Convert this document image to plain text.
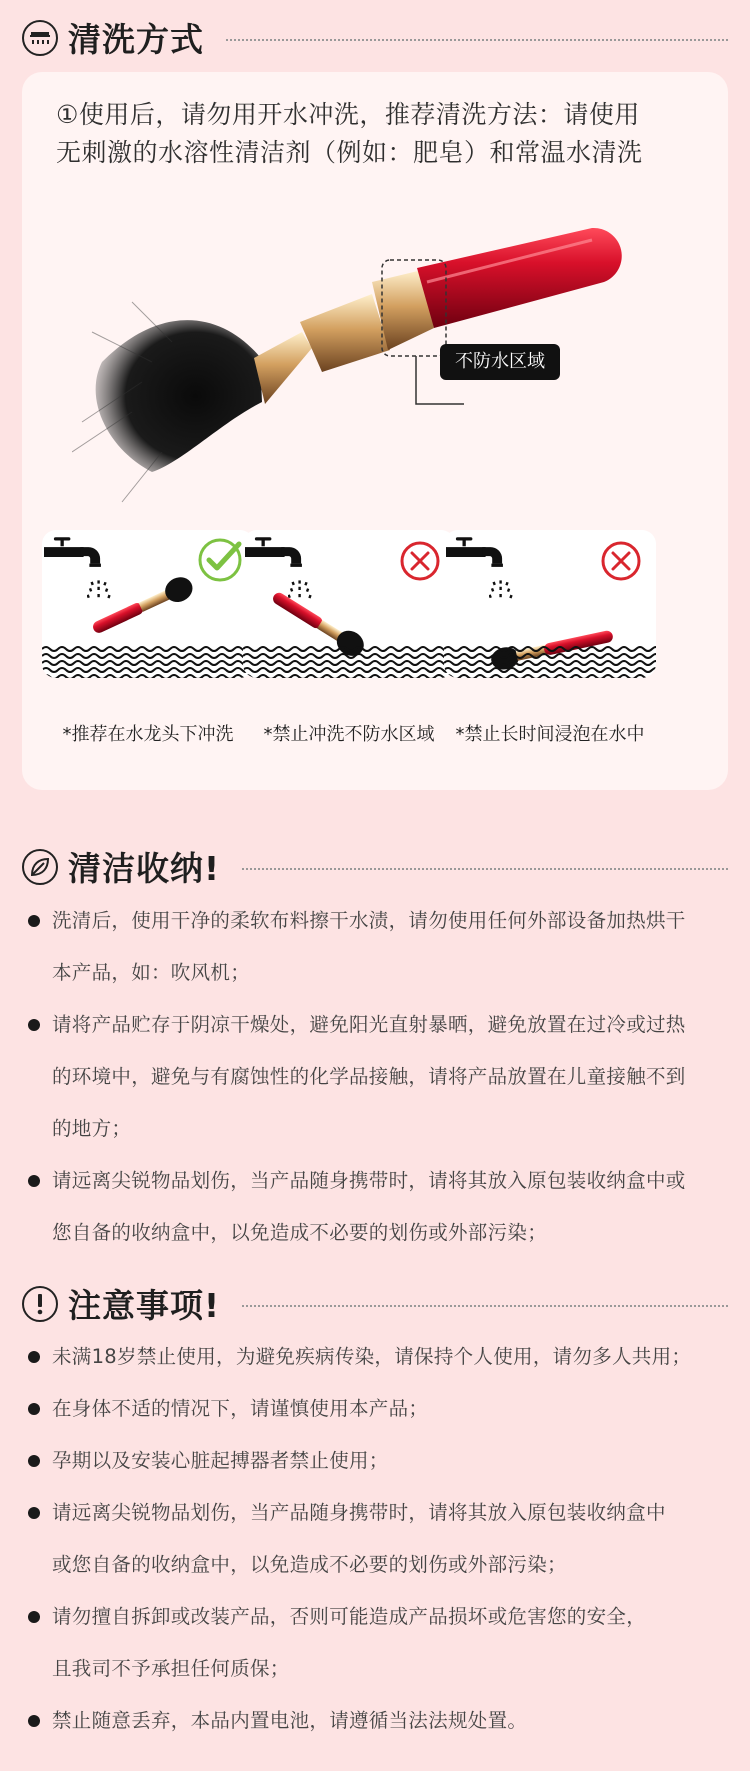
清洗方式
①使用后，请勿用开水冲洗，推荐清洗方法：请使用
无刺激的水溶性清洁剂（例如：肥皂）和常温水清洗
不防水区域
*推荐在水龙头下冲洗	*禁止冲洗不防水区域	*禁止长时间浸泡在水中
清洁收纳!
洗清后，使用干净的柔软布料擦干水渍，请勿使用任何外部设备加热烘干
本产品，如：吹风机；
请将产品贮存于阴凉干燥处，避免阳光直射暴晒，避免放置在过冷或过热
的环境中，避免与有腐蚀性的化学品接触，请将产品放置在儿童接触不到
的地方；
请远离尖锐物品划伤，当产品随身携带时，请将其放入原包装收纳盒中或
您自备的收纳盒中，以免造成不必要的划伤或外部污染；
注意事项!
未满18岁禁止使用，为避免疾病传染，请保持个人使用，请勿多人共用；
在身体不适的情况下，请谨慎使用本产品；
孕期以及安装心脏起搏器者禁止使用；
请远离尖锐物品划伤，当产品随身携带时，请将其放入原包装收纳盒中
或您自备的收纳盒中，以免造成不必要的划伤或外部污染；
请勿擅自拆卸或改装产品，否则可能造成产品损坏或危害您的安全，
且我司不予承担任何质保；
禁止随意丢弃，本品内置电池，请遵循当法法规处置。
